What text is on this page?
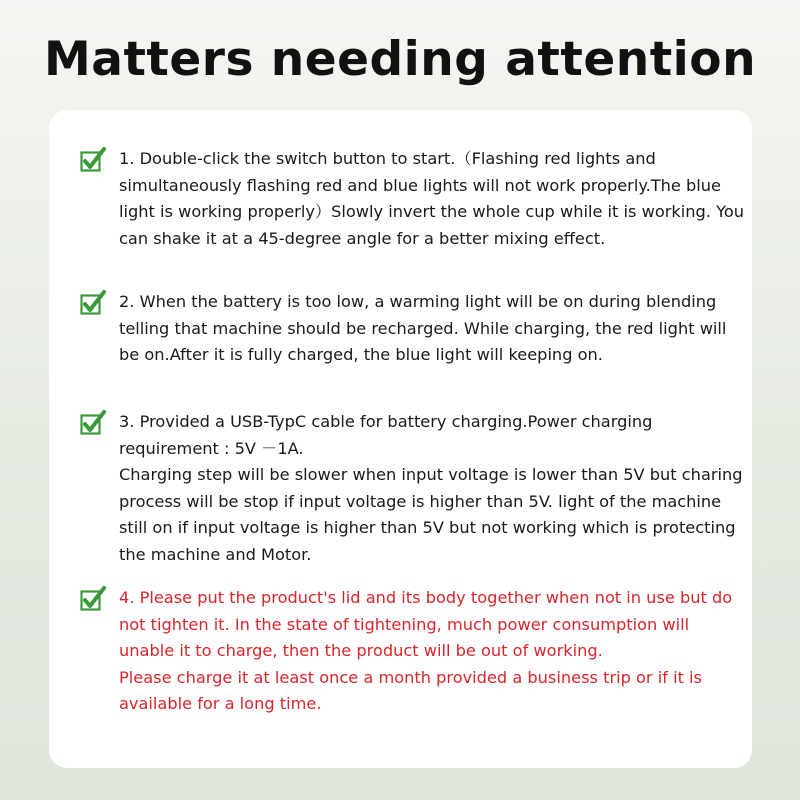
Matters needing attention

1. Double-click the switch button to start.（Flashing red lights and simultaneously flashing red and blue lights will not work properly.The blue light is working properly）Slowly invert the whole cup while it is working. You can shake it at a 45-degree angle for a better mixing effect.

2. When the battery is too low, a warming light will be on during blending telling that machine should be recharged. While charging, the red light will be on.After it is fully charged, the blue light will keeping on.

3. Provided a USB-TypC cable for battery charging.Power charging requirement : 5V －1A.

Charging step will be slower when input voltage is lower than 5V but charing process will be stop if input voltage is higher than 5V. light of the machine still on if input voltage is higher than 5V but not working which is protecting the machine and Motor.

4. Please put the product's lid and its body together when not in use but do not tighten it. In the state of tightening, much power consumption will unable it to charge, then the product will be out of working.

Please charge it at least once a month provided a business trip or if it is available for a long time.
